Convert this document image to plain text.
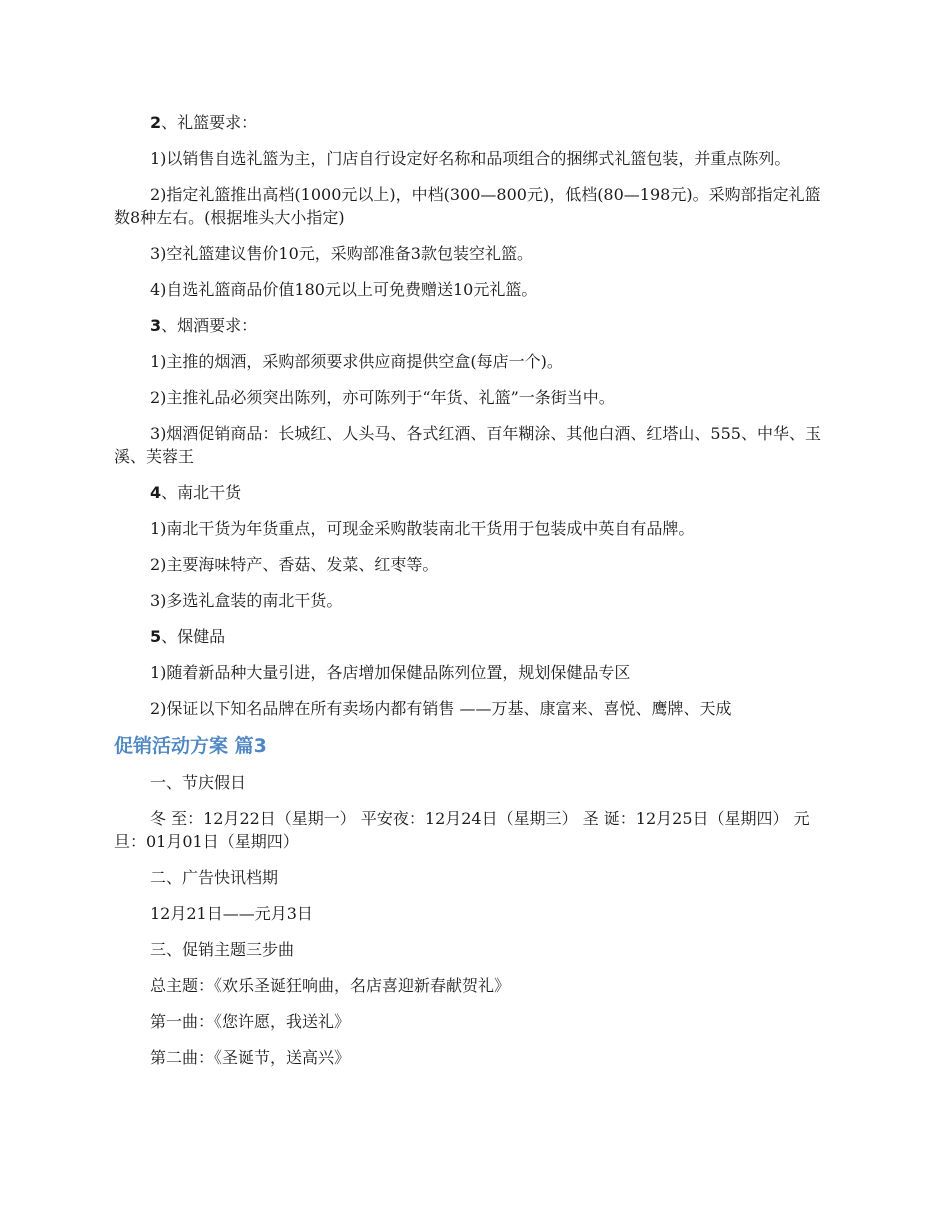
2、礼篮要求：

1)以销售自选礼篮为主，门店自行设定好名称和品项组合的捆绑式礼篮包装，并重点陈列。

2)指定礼篮推出高档(1000元以上)，中档(300—800元)，低档(80—198元)。采购部指定礼篮数8种左右。(根据堆头大小指定)

3)空礼篮建议售价10元，采购部准备3款包装空礼篮。

4)自选礼篮商品价值180元以上可免费赠送10元礼篮。

3、烟酒要求：

1)主推的烟酒，采购部须要求供应商提供空盒(每店一个)。

2)主推礼品必须突出陈列，亦可陈列于“年货、礼篮”一条街当中。

3)烟酒促销商品：长城红、人头马、各式红酒、百年糊涂、其他白酒、红塔山、555、中华、玉溪、芙蓉王

4、南北干货

1)南北干货为年货重点，可现金采购散装南北干货用于包装成中英自有品牌。

2)主要海味特产、香菇、发菜、红枣等。

3)多选礼盒装的南北干货。

5、保健品

1)随着新品种大量引进，各店增加保健品陈列位置，规划保健品专区

2)保证以下知名品牌在所有卖场内都有销售 ——万基、康富来、喜悦、鹰牌、天成

促销活动方案 篇3

一、节庆假日

冬 至：12月22日（星期一） 平安夜：12月24日（星期三） 圣 诞：12月25日（星期四） 元 旦：01月01日（星期四）

二、广告快讯档期

12月21日——元月3日

三、促销主题三步曲

总主题：《欢乐圣诞狂响曲，名店喜迎新春献贺礼》

第一曲：《您许愿，我送礼》

第二曲：《圣诞节，送高兴》
